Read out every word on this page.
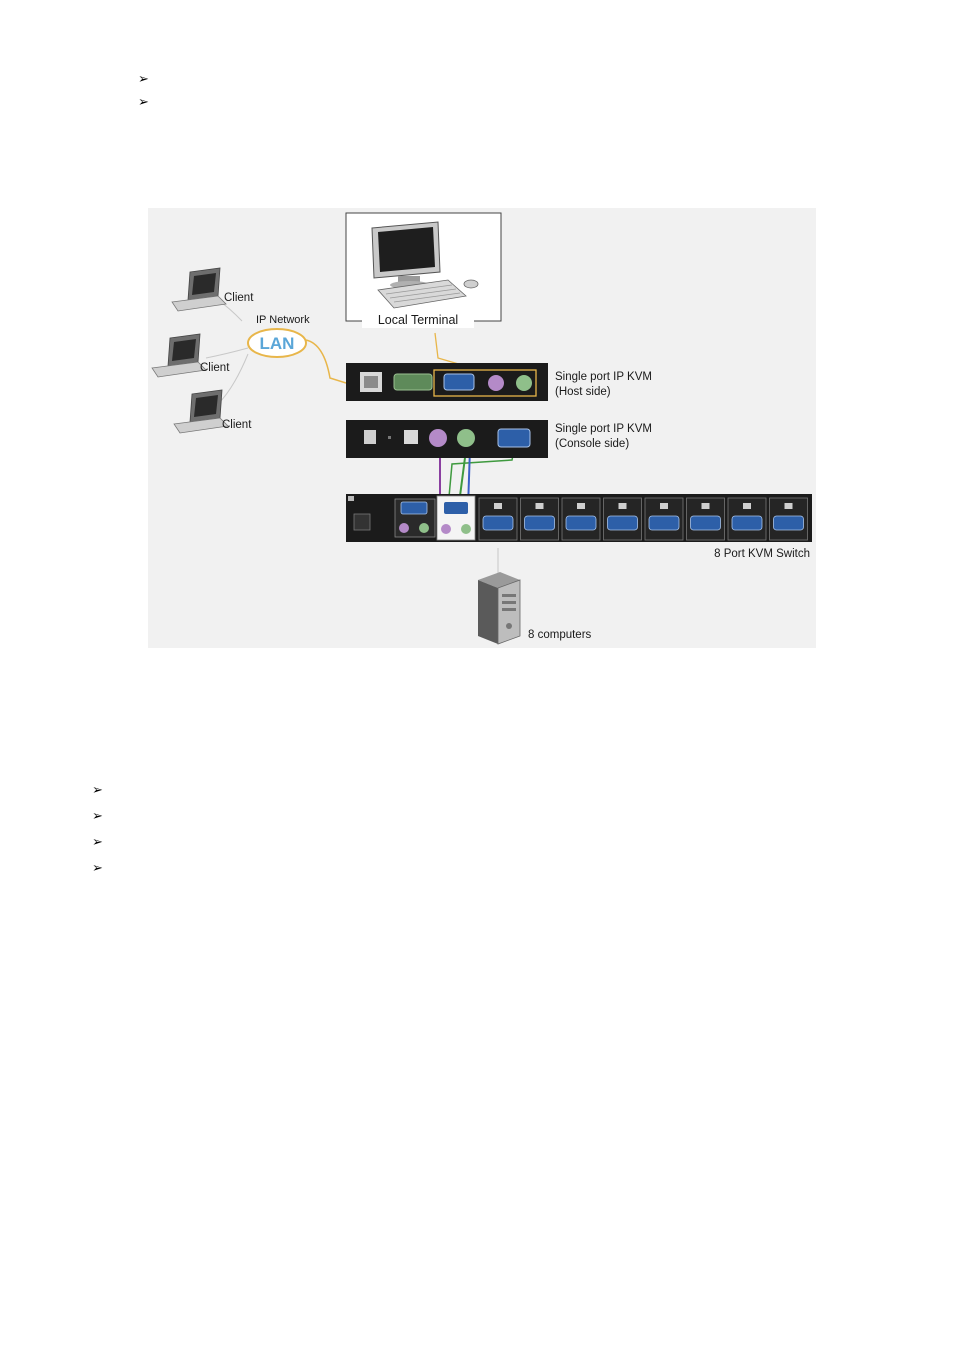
➢
➢
Local Terminal
Client
Client
Client
IP Network
LAN
Single port IP KVM
(Host side)
Single port IP KVM
(Console side)
8 Port KVM Switch
8 computers
➢
➢
➢
➢
